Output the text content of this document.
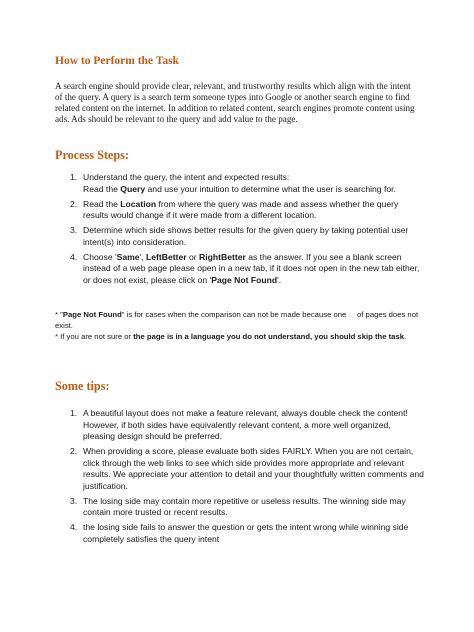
How to Perform the Task

A search engine should provide clear, relevant, and trustworthy results which align with the intent of the query. A query is a search term someone types into Google or another search engine to find related content on the internet. In addition to related content, search engines promote content using ads. Ads should be relevant to the query and add value to the page.

Process Steps:
1. Understand the query, the intent and expected results:
Read the Query and use your intuition to determine what the user is searching for.
2. Read the Location from where the query was made and assess whether the query results would change if it were made from a different location.
3. Determine which side shows better results for the given query by taking potential user intent(s) into consideration.
4. Choose 'Same', LeftBetter or RightBetter as the answer. If you see a blank screen instead of a web page please open in a new tab, if it does not open in the new tab either, or does not exist, please click on 'Page Not Found'.

* "Page Not Found" is for cases when the comparison can not be made because one     of pages does not exist.

* If you are not sure or the page is in a language you do not understand, you should skip the task.

Some tips:
1. A beautiful layout does not make a feature relevant, always double check the content!
However, if both sides have equivalently relevant content, a more well organized, pleasing design should be preferred.
2. When providing a score, please evaluate both sides FAIRLY. When you are not certain, click through the web links to see which side provides more appropriate and relevant results. We appreciate your attention to detail and your thoughtfully written comments and justification.
3. The losing side may contain more repetitive or useless results. The winning side may contain more trusted or recent results.
4. the losing side fails to answer the question or gets the intent wrong while winning side completely satisfies the query intent
